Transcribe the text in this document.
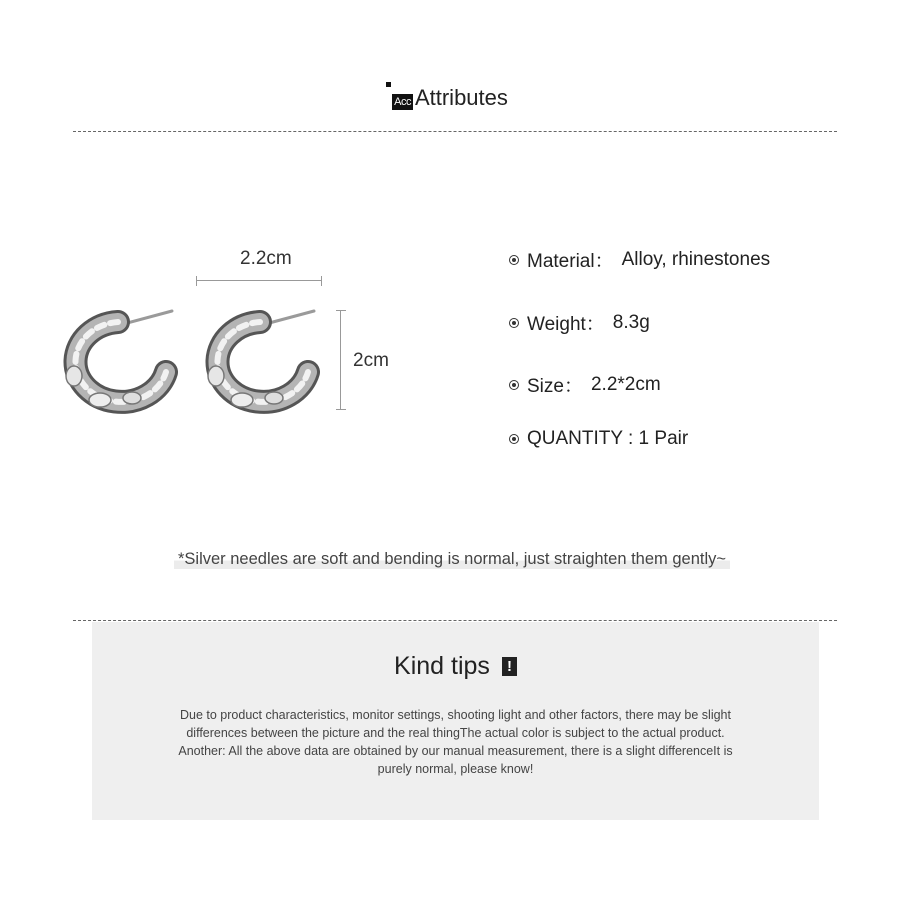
Acc Attributes
2.2cm
2cm
Material： Alloy, rhinestones
Weight： 8.3g
Size： 2.2*2cm
QUANTITY : 1 Pair
*Silver needles are soft and bending is normal, just straighten them gently~
Kind tips	!
Due to product characteristics, monitor settings, shooting light and other factors, there may be slight
differences between the picture and the real thingThe actual color is subject to the actual product.
Another: All the above data are obtained by our manual measurement, there is a slight differenceIt is
purely normal, please know!
